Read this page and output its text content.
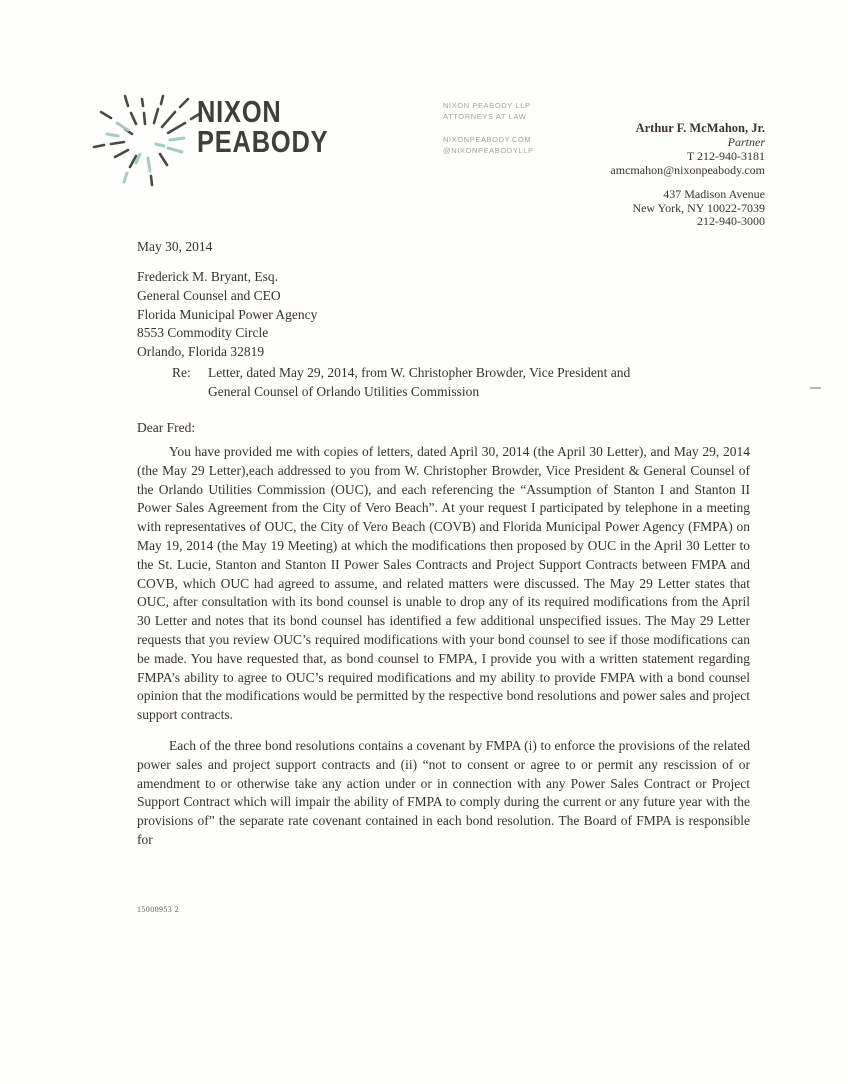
NIXON
PEABODY
NIXON PEABODY LLP
ATTORNEYS AT LAW
NIXONPEABODY.COM
@NIXONPEABODYLLP
Arthur F. McMahon, Jr.
Partner
T 212-940-3181
amcmahon@nixonpeabody.com
437 Madison Avenue
New York, NY 10022-7039
212-940-3000
May 30, 2014
Frederick M. Bryant, Esq.
General Counsel and CEO
Florida Municipal Power Agency
8553 Commodity Circle
Orlando, Florida 32819
Re: Letter, dated May 29, 2014, from W. Christopher Browder, Vice President and
General Counsel of Orlando Utilities Commission
Dear Fred:

You have provided me with copies of letters, dated April 30, 2014 (the April 30 Letter), and May 29, 2014 (the May 29 Letter),each addressed to you from W. Christopher Browder, Vice President & General Counsel of the Orlando Utilities Commission (OUC), and each referencing the “Assumption of Stanton I and Stanton II Power Sales Agreement from the City of Vero Beach”. At your request I participated by telephone in a meeting with representatives of OUC, the City of Vero Beach (COVB) and Florida Municipal Power Agency (FMPA) on May 19, 2014 (the May 19 Meeting) at which the modifications then proposed by OUC in the April 30 Letter to the St. Lucie, Stanton and Stanton II Power Sales Contracts and Project Support Contracts between FMPA and COVB, which OUC had agreed to assume, and related matters were discussed. The May 29 Letter states that OUC, after consultation with its bond counsel is unable to drop any of its required modifications from the April 30 Letter and notes that its bond counsel has identified a few additional unspecified issues. The May 29 Letter requests that you review OUC’s required modifications with your bond counsel to see if those modifications can be made. You have requested that, as bond counsel to FMPA, I provide you with a written statement regarding FMPA’s ability to agree to OUC’s required modifications and my ability to provide FMPA with a bond counsel opinion that the modifications would be permitted by the respective bond resolutions and power sales and project support contracts.

Each of the three bond resolutions contains a covenant by FMPA (i) to enforce the provisions of the related power sales and project support contracts and (ii) “not to consent or agree to or permit any rescission of or amendment to or otherwise take any action under or in connection with any Power Sales Contract or Project Support Contract which will impair the ability of FMPA to comply during the current or any future year with the provisions of” the separate rate covenant contained in each bond resolution. The Board of FMPA is responsible for

15000953 2
